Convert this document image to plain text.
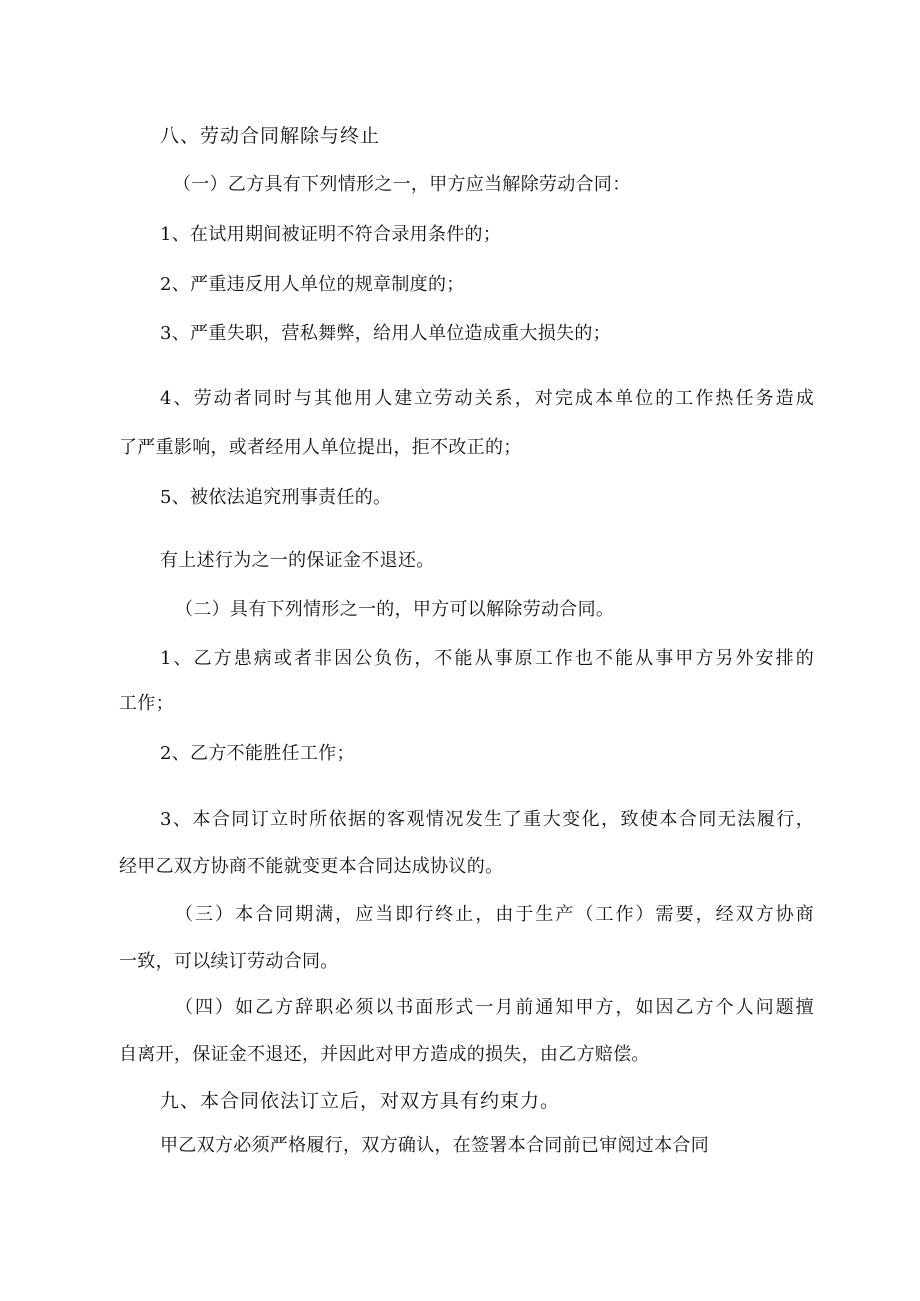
八、劳动合同解除与终止
（一）乙方具有下列情形之一，甲方应当解除劳动合同：
1、在试用期间被证明不符合录用条件的；
2、严重违反用人单位的规章制度的；
3、严重失职，营私舞弊，给用人单位造成重大损失的；
4、劳动者同时与其他用人建立劳动关系，对完成本单位的工作热任务造成
了严重影响，或者经用人单位提出，拒不改正的；
5、被依法追究刑事责任的。
有上述行为之一的保证金不退还。
（二）具有下列情形之一的，甲方可以解除劳动合同。
1、乙方患病或者非因公负伤，不能从事原工作也不能从事甲方另外安排的
工作；
2、乙方不能胜任工作；
3、本合同订立时所依据的客观情况发生了重大变化，致使本合同无法履行，
经甲乙双方协商不能就变更本合同达成协议的。
（三）本合同期满，应当即行终止，由于生产（工作）需要，经双方协商
一致，可以续订劳动合同。
（四）如乙方辞职必须以书面形式一月前通知甲方，如因乙方个人问题擅
自离开，保证金不退还，并因此对甲方造成的损失，由乙方赔偿。
九、本合同依法订立后，对双方具有约束力。
甲乙双方必须严格履行，双方确认，在签署本合同前已审阅过本合同
